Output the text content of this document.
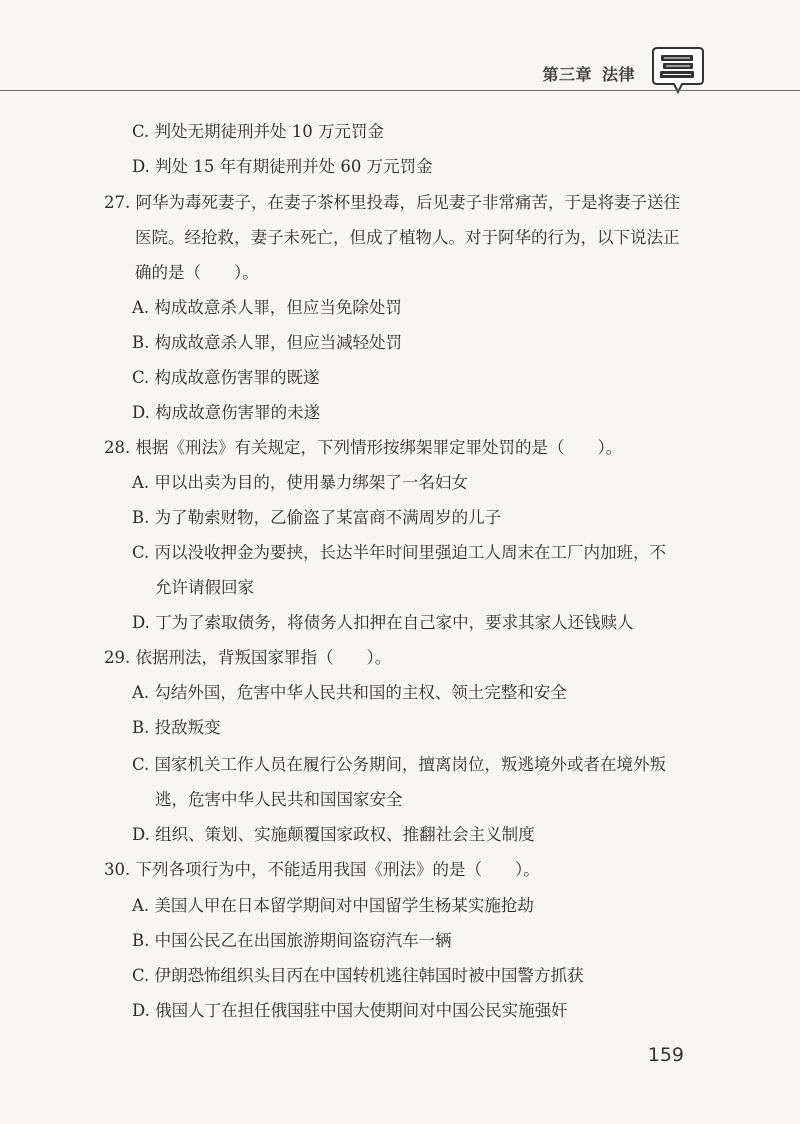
第三章 法律
C. 判处无期徒刑并处 10 万元罚金
D. 判处 15 年有期徒刑并处 60 万元罚金
27. 阿华为毒死妻子，在妻子茶杯里投毒，后见妻子非常痛苦，于是将妻子送往
医院。经抢救，妻子未死亡，但成了植物人。对于阿华的行为，以下说法正
确的是（　　）。
A. 构成故意杀人罪，但应当免除处罚
B. 构成故意杀人罪，但应当减轻处罚
C. 构成故意伤害罪的既遂
D. 构成故意伤害罪的未遂
28. 根据《刑法》有关规定，下列情形按绑架罪定罪处罚的是（　　）。
A. 甲以出卖为目的，使用暴力绑架了一名妇女
B. 为了勒索财物，乙偷盗了某富商不满周岁的儿子
C. 丙以没收押金为要挟，长达半年时间里强迫工人周末在工厂内加班，不
允许请假回家
D. 丁为了索取债务，将债务人扣押在自己家中，要求其家人还钱赎人
29. 依据刑法，背叛国家罪指（　　）。
A. 勾结外国，危害中华人民共和国的主权、领土完整和安全
B. 投敌叛变
C. 国家机关工作人员在履行公务期间，擅离岗位，叛逃境外或者在境外叛
逃，危害中华人民共和国国家安全
D. 组织、策划、实施颠覆国家政权、推翻社会主义制度
30. 下列各项行为中，不能适用我国《刑法》的是（　　）。
A. 美国人甲在日本留学期间对中国留学生杨某实施抢劫
B. 中国公民乙在出国旅游期间盗窃汽车一辆
C. 伊朗恐怖组织头目丙在中国转机逃往韩国时被中国警方抓获
D. 俄国人丁在担任俄国驻中国大使期间对中国公民实施强奸
159
